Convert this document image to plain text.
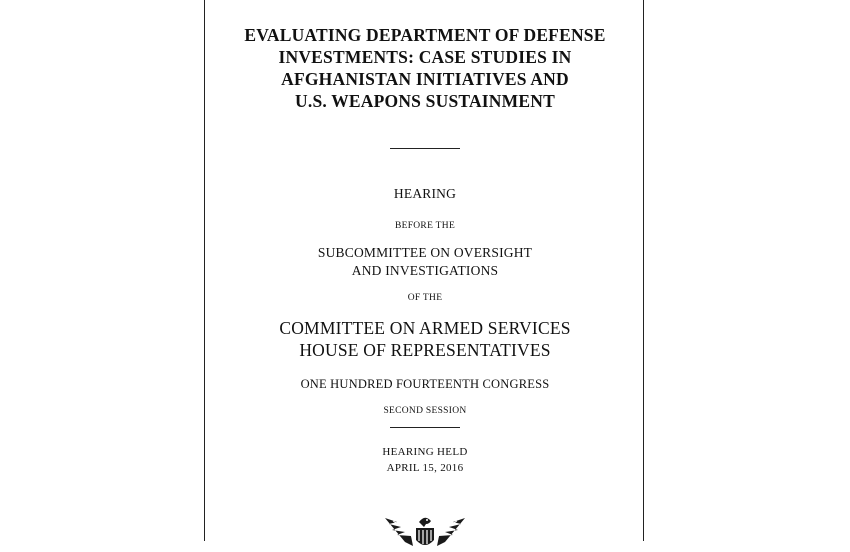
EVALUATING DEPARTMENT OF DEFENSE
INVESTMENTS: CASE STUDIES IN
AFGHANISTAN INITIATIVES AND
U.S. WEAPONS SUSTAINMENT
HEARING
BEFORE THE
SUBCOMMITTEE ON OVERSIGHT
AND INVESTIGATIONS
OF THE
COMMITTEE ON ARMED SERVICES
HOUSE OF REPRESENTATIVES
ONE HUNDRED FOURTEENTH CONGRESS
SECOND SESSION
HEARING HELD
APRIL 15, 2016
